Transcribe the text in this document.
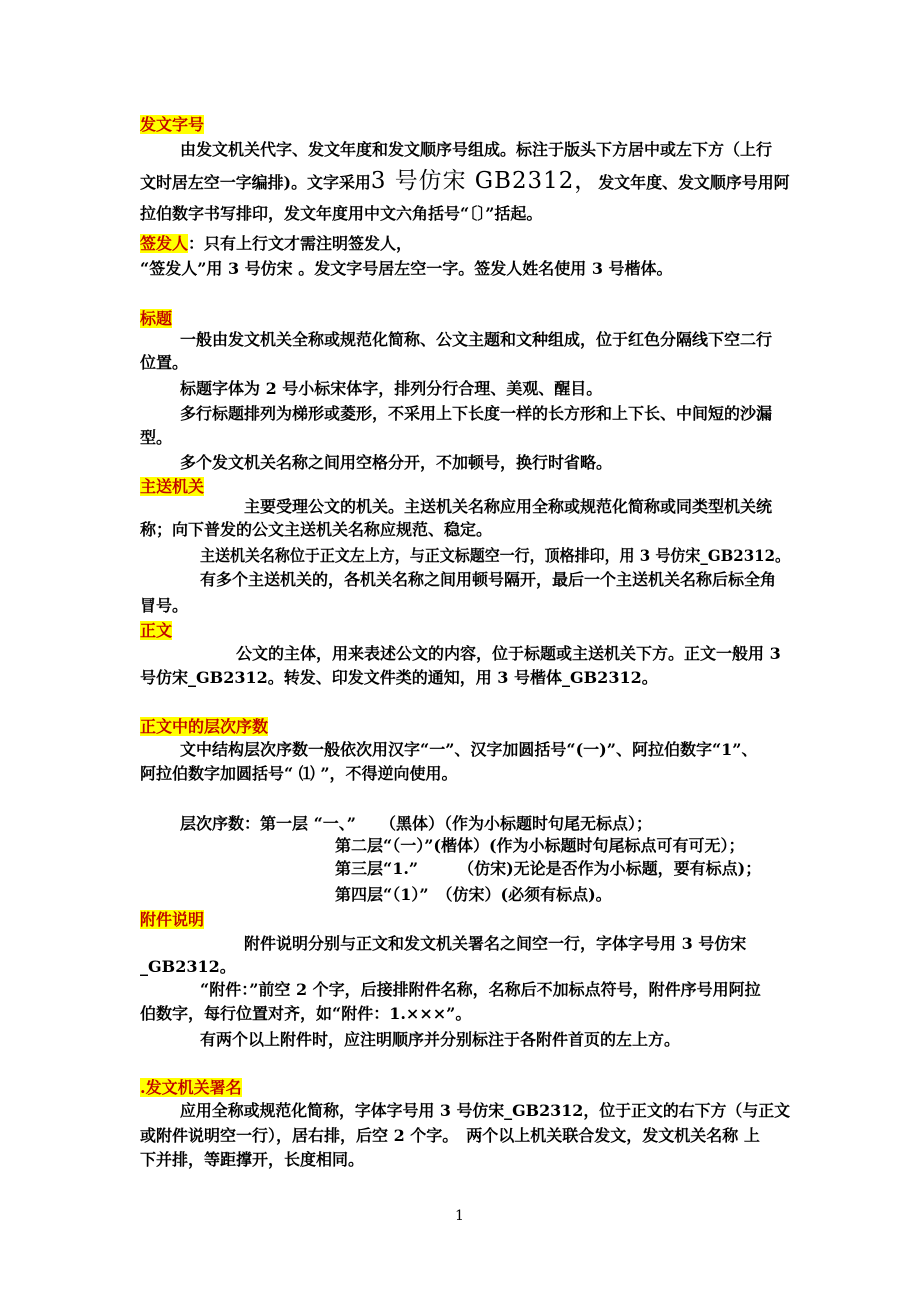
发文字号
由发文机关代字、发文年度和发文顺序号组成。标注于版头下方居中或左下方（上行
文时居左空一字编排)。文字采用3 号仿宋 GB2312，发文年度、发文顺序号用阿
拉伯数字书写排印，发文年度用中文六角括号“〔〕”括起。
签发人：只有上行文才需注明签发人，
“签发人”用 3 号仿宋 。发文字号居左空一字。签发人姓名使用 3 号楷体。
标题
一般由发文机关全称或规范化简称、公文主题和文种组成，位于红色分隔线下空二行
位置。
标题字体为 2 号小标宋体字，排列分行合理、美观、醒目。
多行标题排列为梯形或菱形，不采用上下长度一样的长方形和上下长、中间短的沙漏
型。
多个发文机关名称之间用空格分开，不加顿号，换行时省略。
主送机关
主要受理公文的机关。主送机关名称应用全称或规范化简称或同类型机关统
称；向下普发的公文主送机关名称应规范、稳定。
主送机关名称位于正文左上方，与正文标题空一行，顶格排印，用 3 号仿宋_GB2312。
有多个主送机关的，各机关名称之间用顿号隔开，最后一个主送机关名称后标全角
冒号。
正文
公文的主体，用来表述公文的内容，位于标题或主送机关下方。正文一般用 3
号仿宋_GB2312。转发、印发文件类的通知，用 3 号楷体_GB2312。
正文中的层次序数
文中结构层次序数一般依次用汉字“一”、汉字加圆括号“(一)”、阿拉伯数字“1”、
阿拉伯数字加圆括号“ ⑴ ”，不得逆向使用。
层次序数：第一层 “一、”　　（黑体）（作为小标题时句尾无标点）；
第二层“（一）”(楷体）(作为小标题时句尾标点可有可无）；
第三层“1.”　　　（仿宋)无论是否作为小标题，要有标点)；
第四层“（1）”　（仿宋）(必须有标点)。
附件说明
附件说明分别与正文和发文机关署名之间空一行，字体字号用 3 号仿宋
_GB2312。
“附件：”前空 2 个字，后接排附件名称，名称后不加标点符号，附件序号用阿拉
伯数字，每行位置对齐，如“附件：1.×××”。
有两个以上附件时，应注明顺序并分别标注于各附件首页的左上方。
.发文机关署名
应用全称或规范化简称，字体字号用 3 号仿宋_GB2312，位于正文的右下方（与正文
或附件说明空一行），居右排，后空 2 个字。　两个以上机关联合发文，发文机关名称 上
下并排，等距撑开，长度相同。
1
